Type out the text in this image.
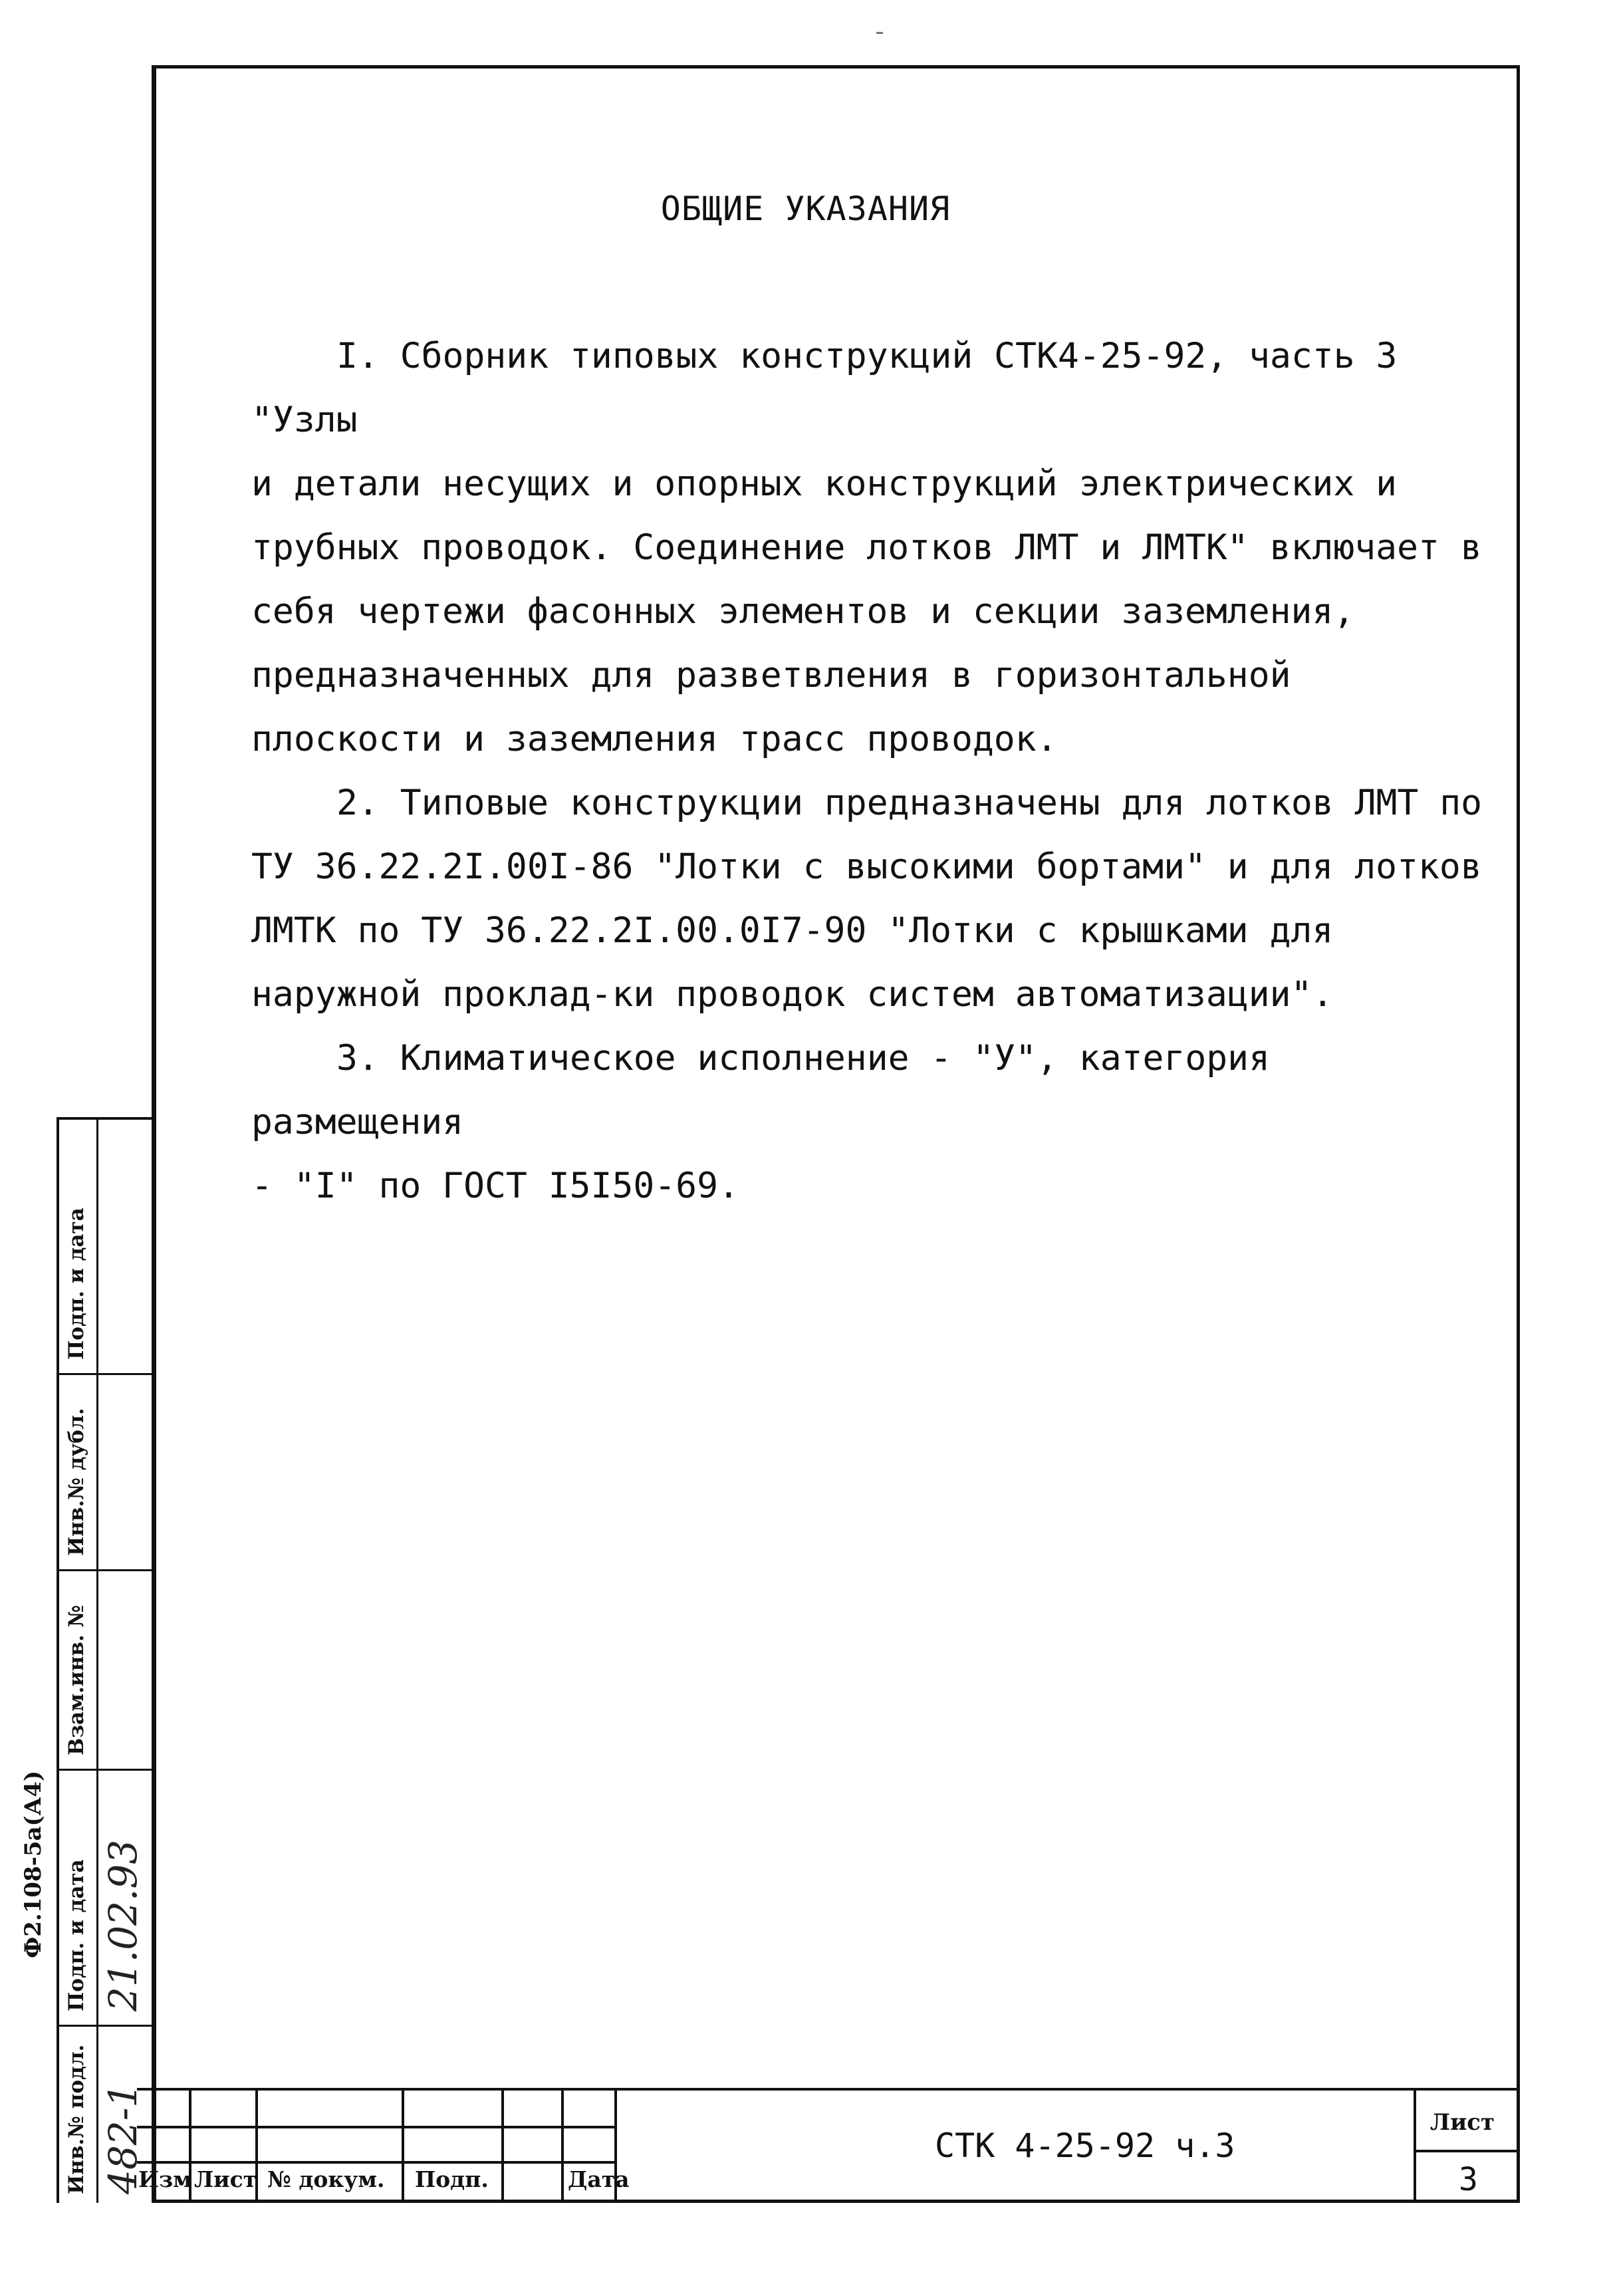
ОБЩИЕ УКАЗАНИЯ

I. Сборник типовых конструкций СТК4-25-92, часть 3 "Узлы

и детали несущих и опорных конструкций электрических и трубных проводок. Соединение лотков ЛМТ и ЛМТК" включает в себя чертежи фасонных элементов и секции заземления, предназначенных для разветвления в горизонтальной плоскости и заземления трасс проводок.

2. Типовые конструкции предназначены для лотков ЛМТ по

ТУ 36.22.2I.00I-86 "Лотки с высокими бортами" и для лотков ЛМТК по ТУ 36.22.2I.00.0I7-90 "Лотки с крышками для наружной проклад-ки проводок систем автоматизации".

3. Климатическое исполнение - "У", категория размещения

- "I" по ГОСТ I5I50-69.

Изм Лист № докум. Подп.	Дата
СТК 4-25-92 ч.3
Лист
3
Инв.№ подл.
Подп. и дата
Взам.инв. №
Инв.№ дубл.
Подп. и дата
482-1
21.02.93
Ф2.108-5а(А4)
